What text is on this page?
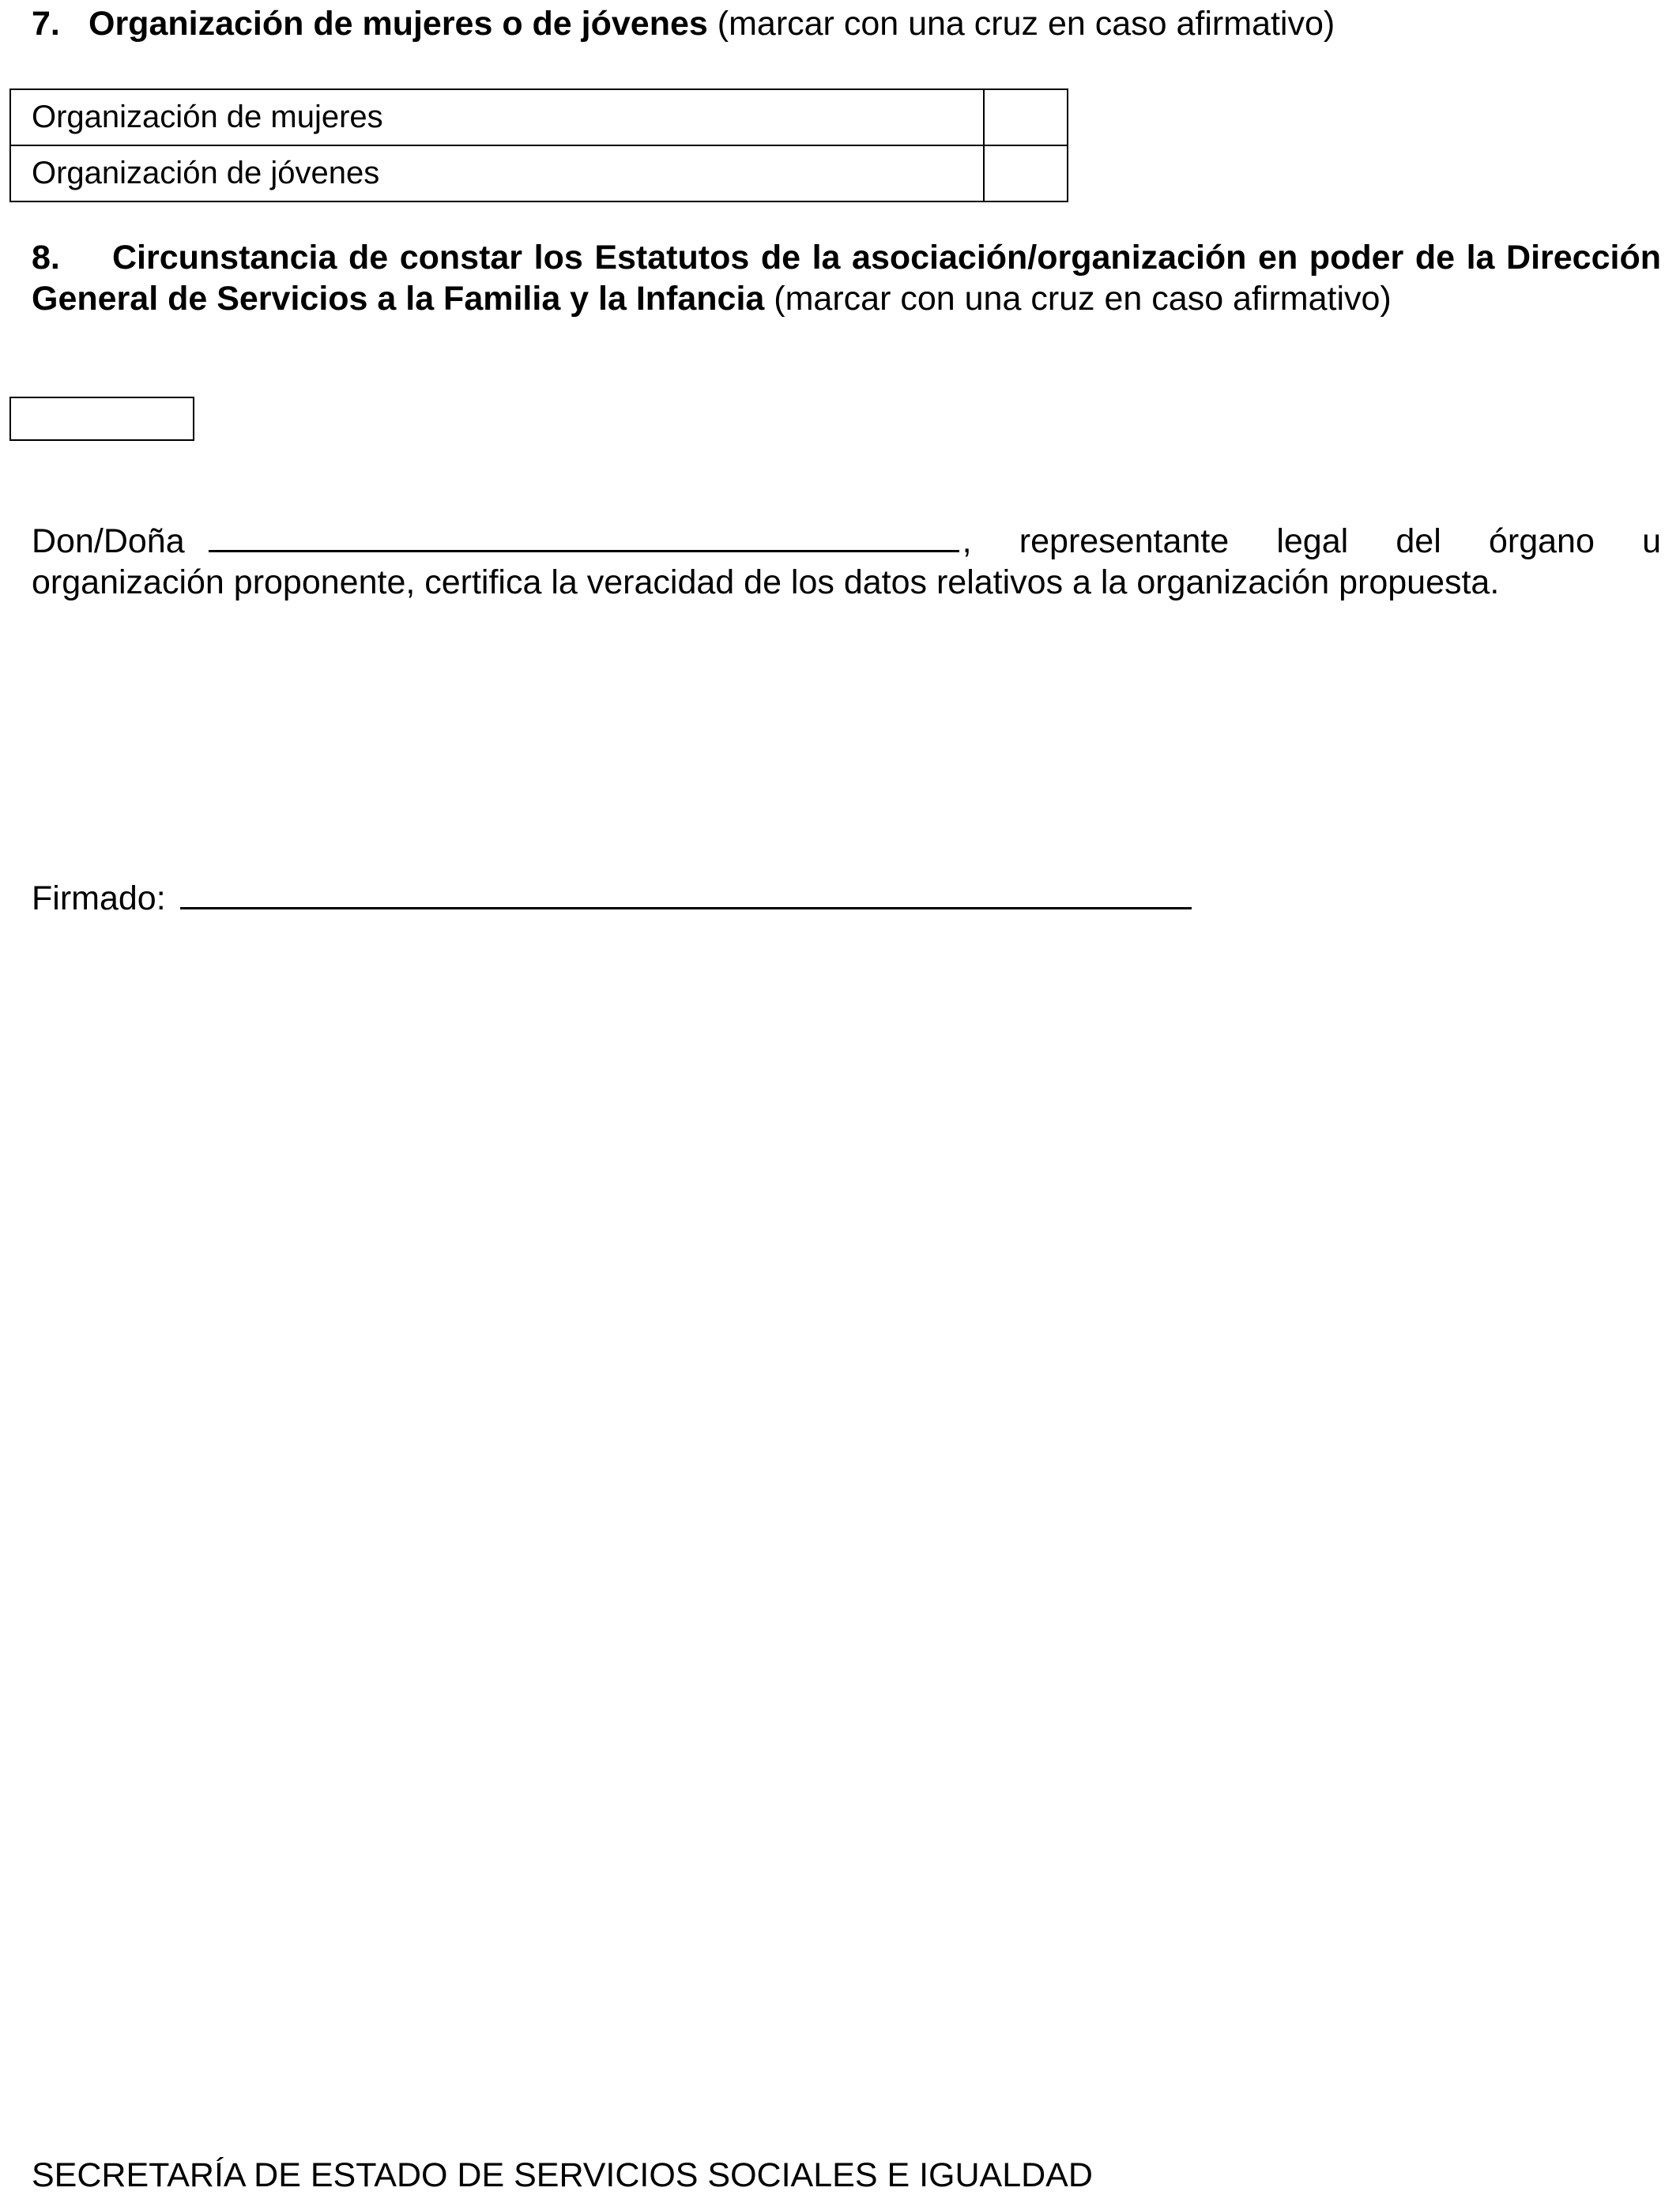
7. Organización de mujeres o de jóvenes (marcar con una cruz en caso afirmativo)
Organización de mujeres	
Organización de jóvenes	
8. Circunstancia de constar los Estatutos de la asociación/organización en poder de la Dirección General de Servicios a la Familia y la Infancia (marcar con una cruz en caso afirmativo)
Don/Doña	, representante legal del órgano u organización proponente, certifica la veracidad de los datos relativos a la organización propuesta.
Firmado:
SECRETARÍA DE ESTADO DE SERVICIOS SOCIALES E IGUALDAD
